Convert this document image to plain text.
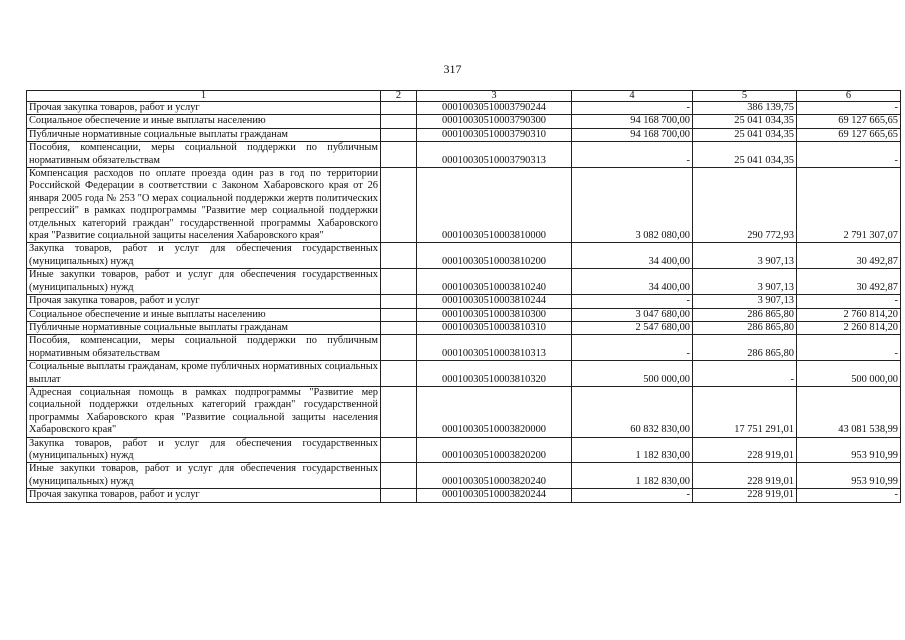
317
1	2	3	4	5	6
Прочая закупка товаров, работ и услуг		00010030510003790244	-	386 139,75	-
Социальное обеспечение и иные выплаты населению		00010030510003790300	94 168 700,00	25 041 034,35	69 127 665,65
Публичные нормативные социальные выплаты гражданам		00010030510003790310	94 168 700,00	25 041 034,35	69 127 665,65
Пособия, компенсации, меры социальной поддержки по публичным нормативным обязательствам		00010030510003790313	-	25 041 034,35	-
Компенсация расходов по оплате проезда один раз в год по территории Российской Федерации в соответствии с Законом Хабаровского края от 26 января 2005 года № 253 "О мерах социальной поддержки жертв политических репрессий" в рамках подпрограммы "Развитие мер социальной поддержки отдельных категорий граждан" государственной программы Хабаровского края "Развитие социальной защиты населения Хабаровского края"		00010030510003810000	3 082 080,00	290 772,93	2 791 307,07
Закупка товаров, работ и услуг для обеспечения государственных (муниципальных) нужд		00010030510003810200	34 400,00	3 907,13	30 492,87
Иные закупки товаров, работ и услуг для обеспечения государственных (муниципальных) нужд		00010030510003810240	34 400,00	3 907,13	30 492,87
Прочая закупка товаров, работ и услуг		00010030510003810244	-	3 907,13	-
Социальное обеспечение и иные выплаты населению		00010030510003810300	3 047 680,00	286 865,80	2 760 814,20
Публичные нормативные социальные выплаты гражданам		00010030510003810310	2 547 680,00	286 865,80	2 260 814,20
Пособия, компенсации, меры социальной поддержки по публичным нормативным обязательствам		00010030510003810313	-	286 865,80	-
Социальные выплаты гражданам, кроме публичных нормативных социальных выплат		00010030510003810320	500 000,00	-	500 000,00
Адресная социальная помощь в рамках подпрограммы "Развитие мер социальной поддержки отдельных категорий граждан" государственной программы Хабаровского края "Развитие социальной защиты населения Хабаровского края"		00010030510003820000	60 832 830,00	17 751 291,01	43 081 538,99
Закупка товаров, работ и услуг для обеспечения государственных (муниципальных) нужд		00010030510003820200	1 182 830,00	228 919,01	953 910,99
Иные закупки товаров, работ и услуг для обеспечения государственных (муниципальных) нужд		00010030510003820240	1 182 830,00	228 919,01	953 910,99
Прочая закупка товаров, работ и услуг		00010030510003820244	-	228 919,01	-
